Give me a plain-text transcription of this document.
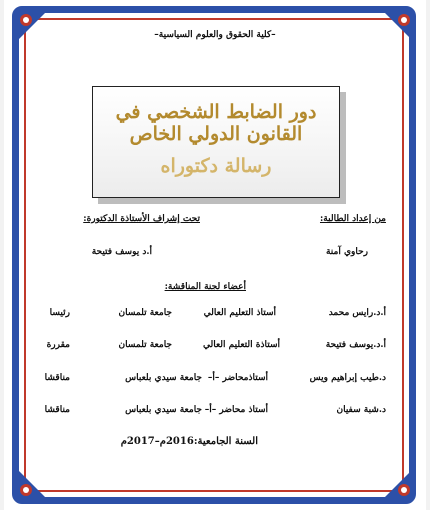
–كلية الحقوق والعلوم السياسية–
دور الضابط الشخصي في القانون الدولي الخاص
رسالة دكتوراه
من إعداد الطالبة:
تحت إشراف الأستاذة الدكتورة:
رحاوي آمنة
أ.د يوسف فتيحة
أعضاء لجنة المناقشة:
أ.د.رايس محمد
أستاذ التعليم العالي
جامعة تلمسان
رئيسا
أ.د.يوسف فتيحة
أستاذة التعليم العالي
جامعة تلمسان
مقررة
د.طيب إبراهيم ويس
أستاذمحاضر –أ–
جامعة سيدي بلعباس
مناقشا
د.شبة سفيان
أستاذ محاضر –أ–
جامعة سيدي بلعباس
مناقشا
السنة الجامعية:2016م–2017م
